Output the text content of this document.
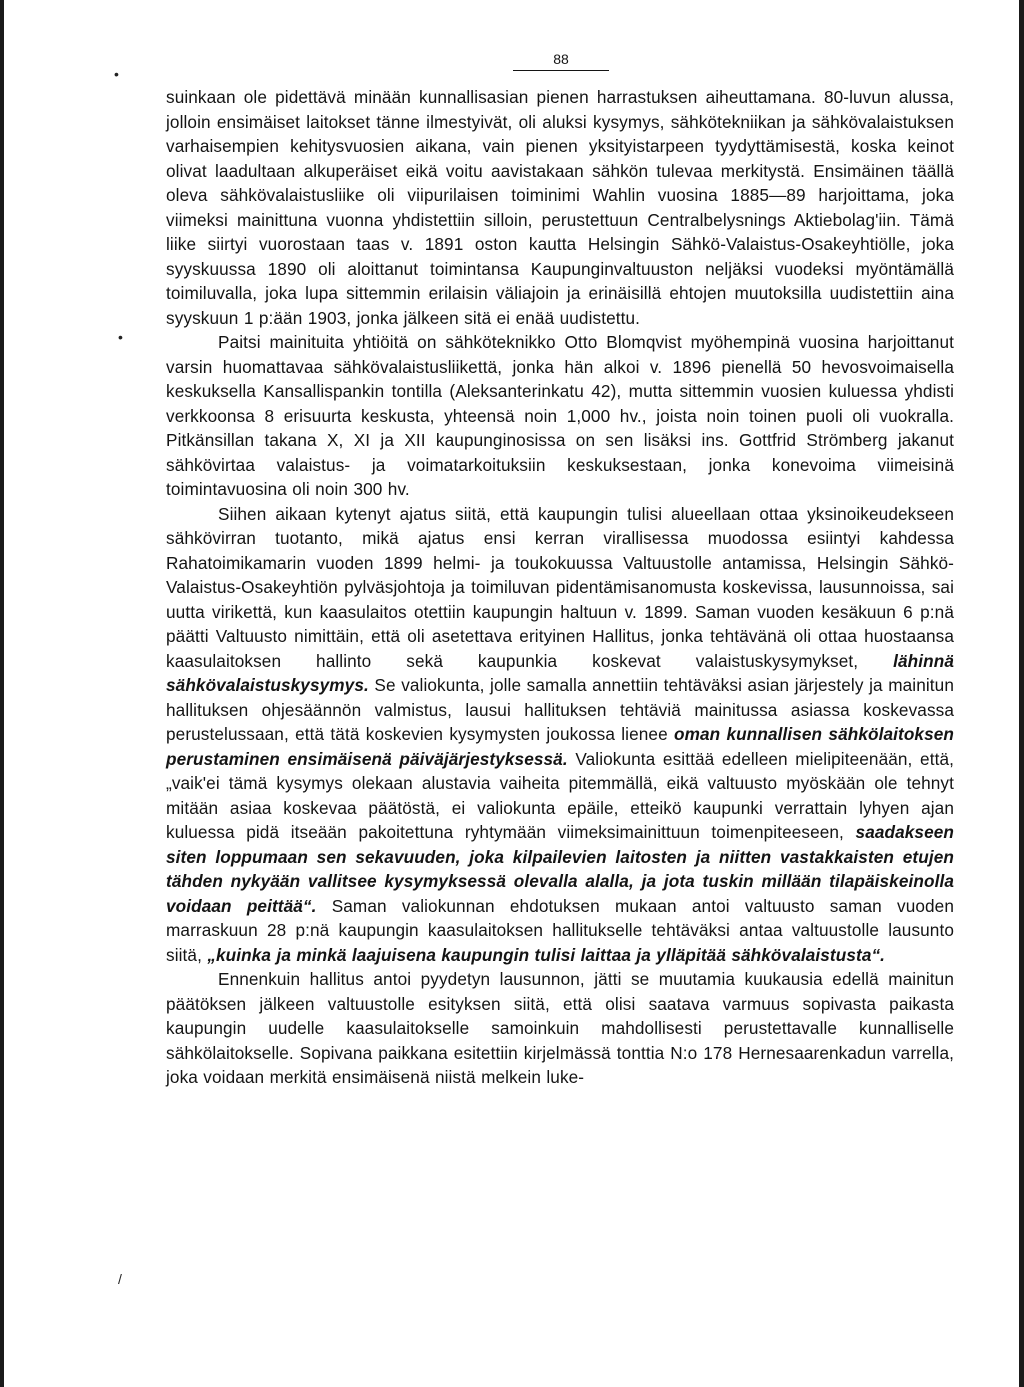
88
•
•
/

suinkaan ole pidettävä minään kunnallisasian pienen harrastuksen aiheuttamana. 80-luvun alussa, jolloin ensimäiset laitokset tänne ilmestyivät, oli aluksi kysymys, sähkötekniikan ja sähkövalaistuksen varhaisempien kehitysvuosien aikana, vain pienen yksityistarpeen tyydyttämisestä, koska keinot olivat laadultaan alkuperäiset eikä voitu aavistakaan sähkön tulevaa merkitystä. Ensimäinen täällä oleva sähkövalaistusliike oli viipurilaisen toiminimi Wahlin vuosina 1885—89 harjoittama, joka viimeksi mainittuna vuonna yhdistettiin silloin, perustettuun Centralbelysnings Aktiebolag'iin. Tämä liike siirtyi vuorostaan taas v. 1891 oston kautta Helsingin Sähkö-Valaistus-Osakeyhtiölle, joka syyskuussa 1890 oli aloittanut toimintansa Kaupunginvaltuuston neljäksi vuodeksi myöntämällä toimiluvalla, joka lupa sittemmin erilaisin väliajoin ja erinäisillä ehtojen muutoksilla uudistettiin aina syyskuun 1 p:ään 1903, jonka jälkeen sitä ei enää uudistettu.

Paitsi mainituita yhtiöitä on sähköteknikko Otto Blomqvist myöhempinä vuosina harjoittanut varsin huomattavaa sähkövalaistusliikettä, jonka hän alkoi v. 1896 pienellä 50 hevosvoimaisella keskuksella Kansallispankin tontilla (Aleksanterinkatu 42), mutta sittemmin vuosien kuluessa yhdisti verkkoonsa 8 erisuurta keskusta, yhteensä noin 1,000 hv., joista noin toinen puoli oli vuokralla. Pitkänsillan takana X, XI ja XII kaupunginosissa on sen lisäksi ins. Gottfrid Strömberg jakanut sähkövirtaa valaistus- ja voimatarkoituksiin keskuksestaan, jonka konevoima viimeisinä toimintavuosina oli noin 300 hv.

Siihen aikaan kytenyt ajatus siitä, että kaupungin tulisi alueellaan ottaa yksinoikeudekseen sähkövirran tuotanto, mikä ajatus ensi kerran virallisessa muodossa esiintyi kahdessa Rahatoimikamarin vuoden 1899 helmi- ja toukokuussa Valtuustolle antamissa, Helsingin Sähkö-Valaistus-Osakeyhtiön pylväsjohtoja ja toimiluvan pidentämisanomusta koskevissa, lausunnoissa, sai uutta virikettä, kun kaasulaitos otettiin kaupungin haltuun v. 1899. Saman vuoden kesäkuun 6 p:nä päätti Valtuusto nimittäin, että oli asetettava erityinen Hallitus, jonka tehtävänä oli ottaa huostaansa kaasulaitoksen hallinto sekä kaupunkia koskevat valaistuskysymykset, lähinnä sähkövalaistuskysymys. Se valiokunta, jolle samalla annettiin tehtäväksi asian järjestely ja mainitun hallituksen ohjesäännön valmistus, lausui hallituksen tehtäviä mainitussa asiassa koskevassa perustelussaan, että tätä koskevien kysymysten joukossa lienee oman kunnallisen sähkölaitoksen perustaminen ensimäisenä päiväjärjestyksessä. Valiokunta esittää edelleen mielipiteenään, että, „vaik'ei tämä kysymys olekaan alustavia vaiheita pitemmällä, eikä valtuusto myöskään ole tehnyt mitään asiaa koskevaa päätöstä, ei valiokunta epäile, etteikö kaupunki verrattain lyhyen ajan kuluessa pidä itseään pakoitettuna ryhtymään viimeksimainittuun toimenpiteeseen, saadakseen siten loppumaan sen sekavuuden, joka kilpailevien laitosten ja niitten vastakkaisten etujen tähden nykyään vallitsee kysymyksessä olevalla alalla, ja jota tuskin millään tilapäiskeinolla voidaan peittää“. Saman valiokunnan ehdotuksen mukaan antoi valtuusto saman vuoden marraskuun 28 p:nä kaupungin kaasulaitoksen hallitukselle tehtäväksi antaa valtuustolle lausunto siitä, „kuinka ja minkä laajuisena kaupungin tulisi laittaa ja ylläpitää sähkövalaistusta“.

Ennenkuin hallitus antoi pyydetyn lausunnon, jätti se muutamia kuukausia edellä mainitun päätöksen jälkeen valtuustolle esityksen siitä, että olisi saatava varmuus sopivasta paikasta kaupungin uudelle kaasulaitokselle samoinkuin mahdollisesti perustettavalle kunnalliselle sähkölaitokselle. Sopivana paikkana esitettiin kirjelmässä tonttia N:o 178 Hernesaarenkadun varrella, joka voidaan merkitä ensimäisenä niistä melkein luke-
